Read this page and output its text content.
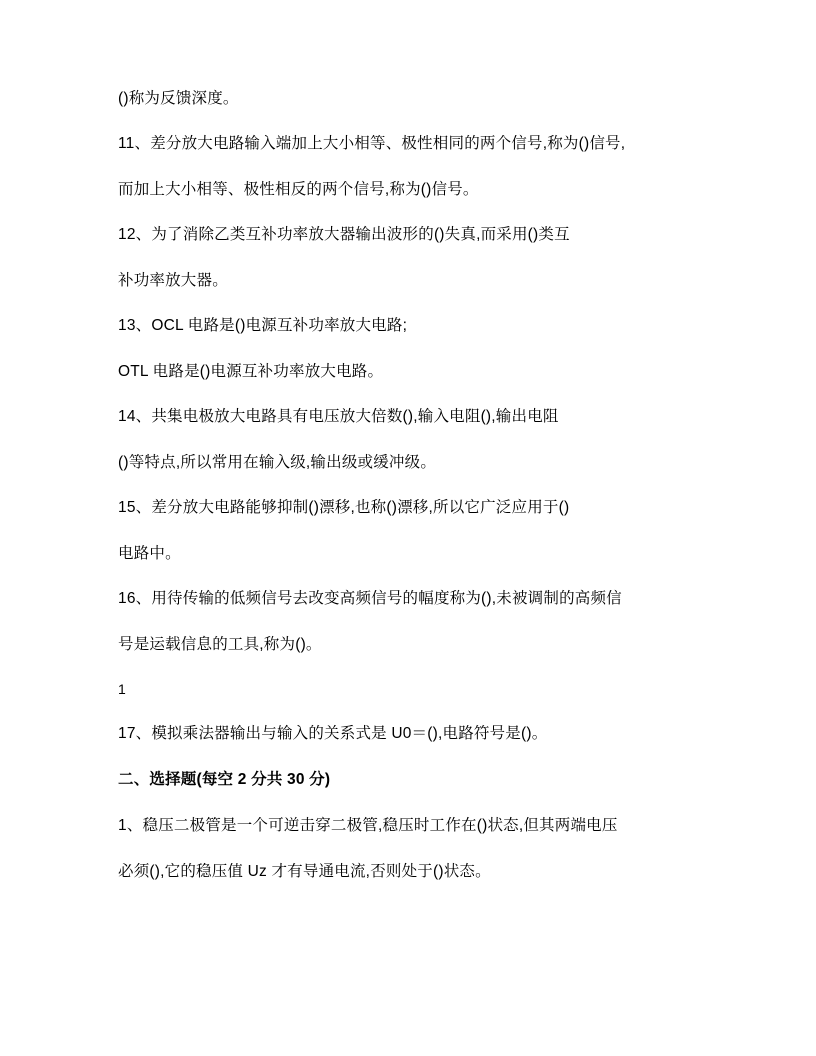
()称为反馈深度。

11、差分放大电路输入端加上大小相等、极性相同的两个信号,称为()信号,

而加上大小相等、极性相反的两个信号,称为()信号。

12、为了消除乙类互补功率放大器输出波形的()失真,而采用()类互

补功率放大器。

13、OCL 电路是()电源互补功率放大电路;

OTL 电路是()电源互补功率放大电路。

14、共集电极放大电路具有电压放大倍数(),输入电阻(),输出电阻

()等特点,所以常用在输入级,输出级或缓冲级。

15、差分放大电路能够抑制()漂移,也称()漂移,所以它广泛应用于()

电路中。

16、用待传输的低频信号去改变高频信号的幅度称为(),未被调制的高频信

号是运载信息的工具,称为()。

1

17、模拟乘法器输出与输入的关系式是 U0＝(),电路符号是()。

二、选择题(每空 2 分共 30 分)

1、稳压二极管是一个可逆击穿二极管,稳压时工作在()状态,但其两端电压

必须(),它的稳压值 Uz 才有导通电流,否则处于()状态。
